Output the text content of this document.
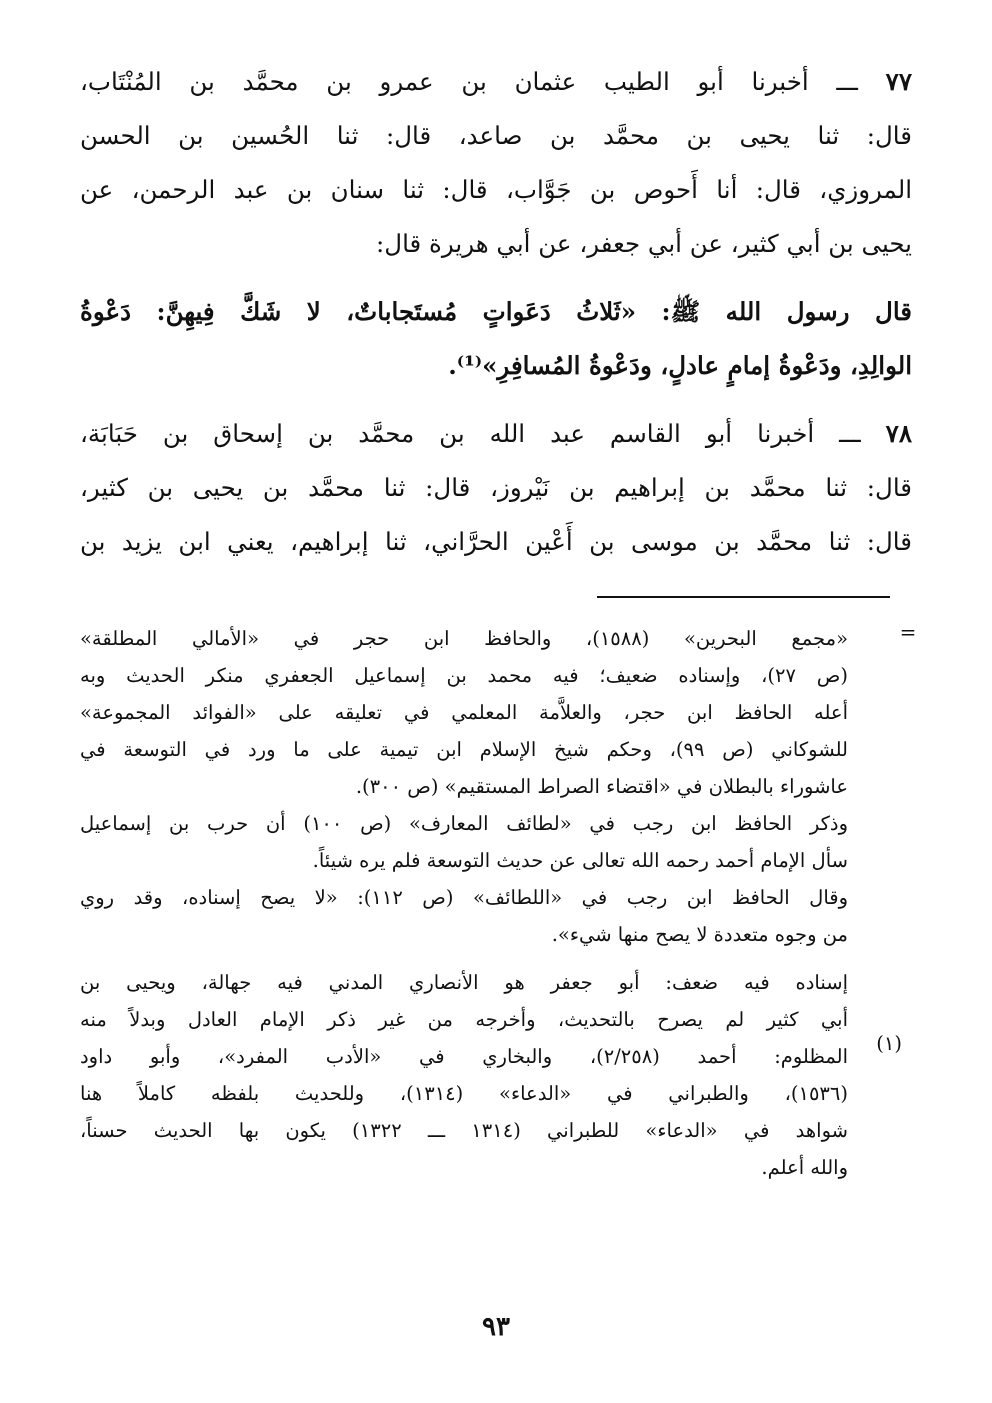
٧٧ ـــ أخبرنا أبو الطيب عثمان بن عمرو بن محمَّد بن المُنْتَاب،
قال: ثنا يحيى بن محمَّد بن صاعد، قال: ثنا الحُسين بن الحسن
المروزي، قال: أنا أَحوص بن جَوَّاب، قال: ثنا سنان بن عبد الرحمن، عن
يحيى بن أبي كثير، عن أبي جعفر، عن أبي هريرة قال:
قال رسول الله ﷺ: «ثَلاثُ دَعَواتٍ مُستَجاباتٌ، لا شَكَّ فِيهِنَّ: دَعْوةُ
الوالِدِ، ودَعْوةُ إمامٍ عادلٍ، ودَعْوةُ المُسافِرِ»⁽¹⁾.
٧٨ ـــ أخبرنا أبو القاسم عبد الله بن محمَّد بن إسحاق بن حَبَابَة،
قال: ثنا محمَّد بن إبراهيم بن نَيْروز، قال: ثنا محمَّد بن يحيى بن كثير،
قال: ثنا محمَّد بن موسى بن أَعْين الحرَّاني، ثنا إبراهيم، يعني ابن يزيد بن
=
«مجمع البحرين» (١٥٨٨)، والحافظ ابن حجر في «الأمالي المطلقة»
(ص ٢٧)، وإسناده ضعيف؛ فيه محمد بن إسماعيل الجعفري منكر الحديث وبه
أعله الحافظ ابن حجر، والعلاَّمة المعلمي في تعليقه على «الفوائد المجموعة»
للشوكاني (ص ٩٩)، وحكم شيخ الإسلام ابن تيمية على ما ورد في التوسعة في
عاشوراء بالبطلان في «اقتضاء الصراط المستقيم» (ص ٣٠٠).
وذكر الحافظ ابن رجب في «لطائف المعارف» (ص ١٠٠) أن حرب بن إسماعيل
سأل الإمام أحمد رحمه الله تعالى عن حديث التوسعة فلم يره شيئاً.
وقال الحافظ ابن رجب في «اللطائف» (ص ١١٢): «لا يصح إسناده، وقد روي
من وجوه متعددة لا يصح منها شيء».
إسناده فيه ضعف: أبو جعفر هو الأنصاري المدني فيه جهالة، ويحيى بن
أبي كثير لم يصرح بالتحديث، وأخرجه من غير ذكر الإمام العادل وبدلاً منه
المظلوم: أحمد (٢/٢٥٨)، والبخاري في «الأدب المفرد»، وأبو داود
(١٥٣٦)، والطبراني في «الدعاء» (١٣١٤)، وللحديث بلفظه كاملاً هنا
شواهد في «الدعاء» للطبراني (١٣١٤ ـــ ١٣٢٢) يكون بها الحديث حسناً،
والله أعلم.
(١)
٩٣
